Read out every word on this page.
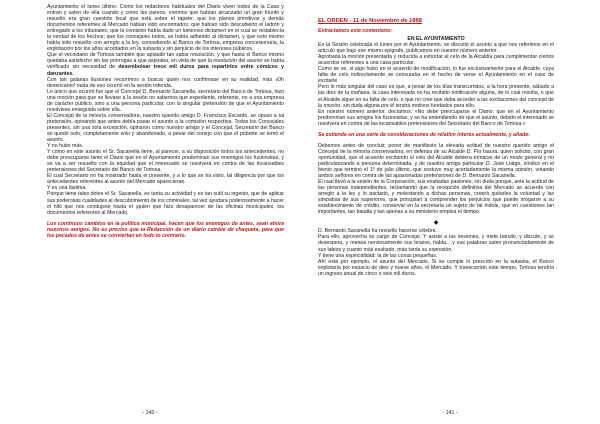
Ayuntamiento el lunes último. Como los redactores habituales del Diario viven todos de la Casa y entran y salen de ella cuando y como les parece, creímos que habían alcanzado un gran triunfo y resuelto era gran cuestión local que está sobre el tapete; que los planos primitivos y demás documentos referentes al Mercado habían sido encontrados; que habían sido descubierto el ladrón y entregado a los tribunales; que la comisión había dado un luminoso dictamen en el cual se restablecía la verdad de los hechos; que los concejales todos, se había adherido al dictamen, y que esto mismo había sido resuelto con arreglo a la ley, concediendo al Banco de Tortosa, empresa concesionaria, la explotación por los años acordados en la subasta y sin perjuicio de los intereses públicos.

Que el vecindario de Tortosa también que aplaudir tan sabia resolución, y que hasta el Banco mismo quedaba satisfecho sin las prórrogas a que aspiraba, en vista de que la resolución del asunto se había verificado sin necesidad de desembolsar trece mil duros para repartirlos entre cómicos y danzantes.

Con tan galanas ilusiones recurrimos a buscar quien nos confirmase en su realidad, más ¡Oh desencanto! nada de eso ocurrió en la sesión referida.

Lo único que ocurrió fue que el Concejal D. Bernardo Sacanella, secretario del Banco de Tortosa, hizo una moción para que se llevase a la sesión no sabemos que expediente, referente, no a una empresa de carácter público, sino a una persona particular, con la singular pretensión de que el Ayuntamiento resolviese enseguida sobre ella.

El Concejal de la minoría conservadora, nuestro querido amigo D. Francisco Escardó, se opuso a tal pretensión, opinando que antes debía pasar el asunto a la comisión respectiva. Todos los Concejales presentes, sin una sola excepción, opinaron como nuestro amigo y el Concejal, Secretario del Banco se quedó solo, completamente solo y abandonado, a pesar del conejo con que el pobrete se tomó el asunto.

Y no hubo más.

Y como en este asunto el Sr. Sacanella tiene, al parecer, a su disposición todos los antecedentes, no debe preocuparse tanto el Diario que en el Ayuntamiento predominan sus enemigos los fusionistas, y se va a ser resuelto con la equidad que el interesado se resolverá en contra de las incansables pretensiones del Secretario del Banco de Tortosa.

El cual Secretario no ha mostrado hasta el presente, y a lo que se ha visto, tal diligencia por que los antecedentes referentes al asunto del Mercado aparecieran.

Y es una lástima.

Porque tiene tales dotes el Sr. Sacanella, es tanta su actividad y es tan sutil su ingenio, que de aplicar sus poderosas cualidades al descubrimiento de los criminales, tal vez ayudara poderosamente a hacer el hilo que nos condujese hasta el ¡quien que hizo desaparecer de las oficinas municipales, los documentos referentes al Mercado.

Los continuos cambios en la política municipal, hacen que los enemigos de antes, sean ahora nuestros amigos. No es preciso que la Redacción de un diario cambie de chaqueta, para que los pecados de antes se conviertan en todo lo contrario.

- 140 -
EL ORDEN - 11 de Noviembre de 1888

Extractamos este comentario:

EN EL AYUNTAMIENTO

En la Sesión celebrada el lunes por el Ayuntamiento, se discutió el asunto a que nos referimos en el artículo que bajo ese mismo epígrafe, publicamos en nuestro número anterior.

Aprobada la moción presentada y reducida a exhortar al celo de la Alcaldía para cumplimentar ciertos acuerdos referentes a una casa particular.

Como se ve, si algo hubo en el acuerdo de modificación, lo fue exclusivamente para el Alcalde, cuya falta de celo indirectamente se censuraba en el hecho de verse el Ayuntamiento en el caso de excitarle.

Pero lo más singular del caso es que, a pesar de los días transcurridos, a la hora presente, sábado a las diez de la mañana, la casa interesada no ha recibido notificación alguna, de lo cual resulta, o que el Alcalde sigue en su falta de celo, o que no cree que deba acceder a las excitaciones del concejal de la moción, sin duda alguna por él tendrá motivos fundados para ello.

En nuestro número anterior, decíamos: «No debe preocuparse el Diario; que en el Ayuntamiento predominan sus amigos los fusionistas, y se ha entendiendo de que el asunto, debido el interesado se resolverá en contra de las incansables pretensiones del Secretario del Banco de Tortosa.»

Se extiende en una serie de consideraciones de relativo interés actualmente, y añade:

Debemos antes de concluir, poner de manifiesto la elevada actitud de nuestro querido amigo el Concejal de la minoría conservadora, en defensa de su Alcalde D. Pío Isaura, quien solicitó, con gran oportunidad, que el acuerdo excitando el celo del Alcalde debiera tomarse de un modo general y no particularizando a persona determinada, y de nuestro amigo particular D. José Liatge, síndico en el bienio que terminó el 1º de julio último, que sostuvo muy acertadamente la misma opinión, votando ambos señores en contra de las apasionadas pretensiones de D. Bernardo Sacanella.

El cual llevó a la sesión de la Corporación, sus exaltadas pasiones, sin duda porque, ante la actitud de las personas independientes, reclamando que la recepción definitiva del Mercado se acuerde con arreglo a la ley y lo pactado, y molestando a dichas personas, creerá quitarles la voluntad y las simpatías de sus superiores, que principian a comprender los perjuicios que puede irrogarse a su establecimiento de crédito, conservar en la secretaría un sujeto de tal índole, que en cuestiones tan importantes, tan batalla y tan apenas a su ministerio emplea el tiempo.

◆

D. Bernardo Sacanella ha resuelto hacerse célebre.

Para ello, aprovecha su cargo de Concejal. Y asiste a las sesiones, y mete barullo, y discute, y se desespera, y menea nerviosamente sus brazos, habla... y sus palabras salen pronunciadamente de sus labios y cuanto más exaltado, más tarda su expresión.

Y tiene una especialidad: la de las cosas pequeñas.

Ahí está por ejemplo, el asunto del Mercado. Si se cumple lo prescrito en la subasta, el Banco explotaría por espacio de diez y nueve años, el Mercado. Y transcurrido este tiempo, Tortosa tendría un ingreso anual de cinco o seis mil duros.

- 141 -
